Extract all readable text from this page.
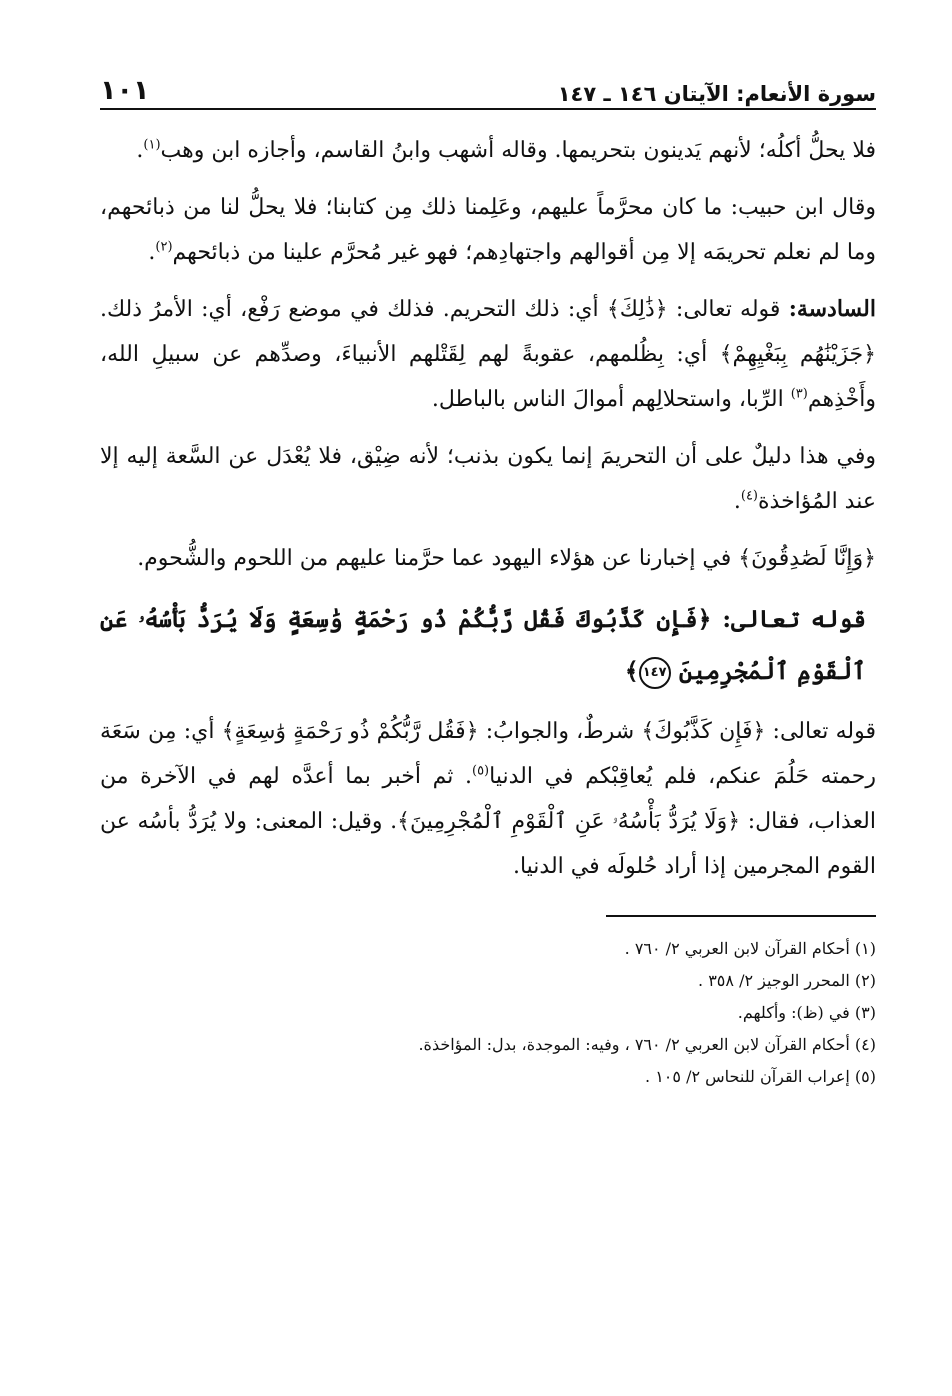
سورة الأنعام: الآيتان ١٤٦ ـ ١٤٧
١٠١

فلا يحلُّ أكلُه؛ لأنهم يَدينون بتحريمها. وقاله أشهب وابنُ القاسم، وأجازه ابن وهب$^{(١)}$.

وقال ابن حبيب: ما كان محرَّماً عليهم، وعَلِمنا ذلك مِن كتابنا؛ فلا يحلُّ لنا من ذبائحهم، وما لم نعلم تحريمَه إلا مِن أقوالهم واجتهادِهم؛ فهو غير مُحرَّم علينا من ذبائحهم$^{(٢)}$.

السادسة: قوله تعالى: ﴿ذَٰلِكَ﴾ أي: ذلك التحريم. فذلك في موضع رَفْع، أي: الأمرُ ذلك. ﴿جَزَيْنَٰهُم بِبَغْيِهِمْ﴾ أي: بِظُلمهم، عقوبةً لهم لِقَتْلهم الأنبياءَ، وصدِّهم عن سبيلِ الله، وأَخْذِهم$^{(٣)}$ الرِّبا، واستحلالِهم أموالَ الناس بالباطل.

وفي هذا دليلٌ على أن التحريمَ إنما يكون بذنب؛ لأنه ضِيْق، فلا يُعْدَل عن السَّعة إليه إلا عند المُؤاخذة$^{(٤)}$.

﴿وَإِنَّا لَصَٰدِقُونَ﴾ في إخبارنا عن هؤلاء اليهود عما حرَّمنا عليهم من اللحوم والشُّحوم.

قوله تعالى: ﴿فَإِن كَذَّبُوكَ فَقُل رَّبُّكُمْ ذُو رَحْمَةٍ وَٰسِعَةٍ وَلَا يُرَدُّ بَأْسُهُۥ عَنِ ٱلْقَوْمِ ٱلْمُجْرِمِينَ ١٤٧﴾

قوله تعالى: ﴿فَإِن كَذَّبُوكَ﴾ شرطٌ، والجوابُ: ﴿فَقُل رَّبُّكُمْ ذُو رَحْمَةٍ وَٰسِعَةٍ﴾ أي: مِن سَعَة رحمته حَلُمَ عنكم، فلم يُعاقِبْكم في الدنيا$^{(٥)}$. ثم أخبر بما أعدَّه لهم في الآخرة من العذاب، فقال: ﴿وَلَا يُرَدُّ بَأْسُهُۥ عَنِ ٱلْقَوْمِ ٱلْمُجْرِمِينَ﴾. وقيل: المعنى: ولا يُرَدُّ بأسُه عن القوم المجرمين إذا أراد حُلولَه في الدنيا.

(١) أحكام القرآن لابن العربي ٢/ ٧٦٠ .
(٢) المحرر الوجيز ٢/ ٣٥٨ .
(٣) في (ظ): وأكلهم.
(٤) أحكام القرآن لابن العربي ٢/ ٧٦٠ ، وفيه: الموجدة، بدل: المؤاخذة.
(٥) إعراب القرآن للنحاس ٢/ ١٠٥ .
